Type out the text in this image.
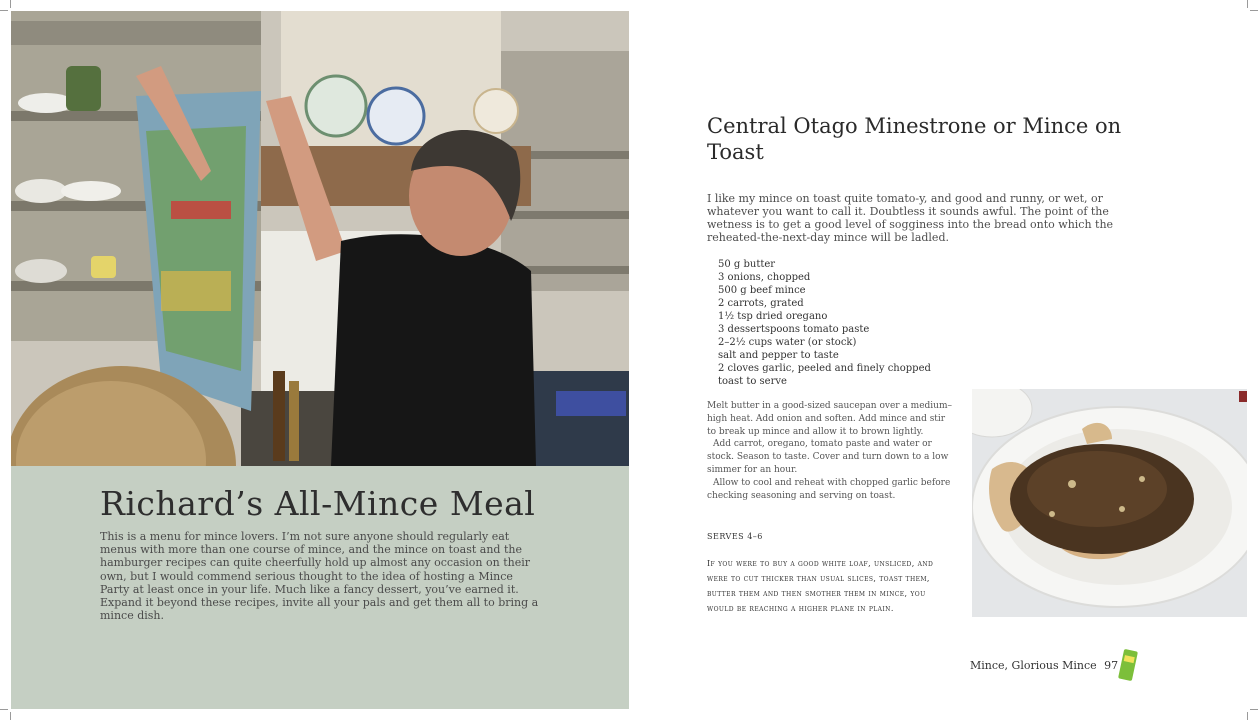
Richard’s All-Mince Meal
This is a menu for mince lovers. I’m not sure anyone should regularly eat menus with more than one course of mince, and the mince on toast and the hamburger recipes can quite cheerfully hold up almost any occasion on their own, but I would commend serious thought to the idea of hosting a Mince Party at least once in your life. Much like a fancy dessert, you’ve earned it. Expand it beyond these recipes, invite all your pals and get them all to bring a mince dish.
Central Otago Minestrone or Mince on Toast
I like my mince on toast quite tomato-y, and good and runny, or wet, or whatever you want to call it. Doubtless it sounds awful. The point of the wetness is to get a good level of sogginess into the bread onto which the reheated-the-next-day mince will be ladled.
50 g butter
3 onions, chopped
500 g beef mince
2 carrots, grated
1½ tsp dried oregano
3 dessertspoons tomato paste
2–2½ cups water (or stock)
salt and pepper to taste
2 cloves garlic, peeled and finely chopped
toast to serve

Melt butter in a good-sized saucepan over a medium–high heat. Add onion and soften. Add mince and stir to break up mince and allow it to brown lightly.

Add carrot, oregano, tomato paste and water or stock. Season to taste. Cover and turn down to a low simmer for an hour.

Allow to cool and reheat with chopped garlic before checking seasoning and serving on toast.

SERVES 4–6
If you were to buy a good white loaf, unsliced, and were to cut thicker than usual slices, toast them, butter them and then smother them in mince, you would be reaching a higher plane in plain.
Mince, Glorious Mince 97
